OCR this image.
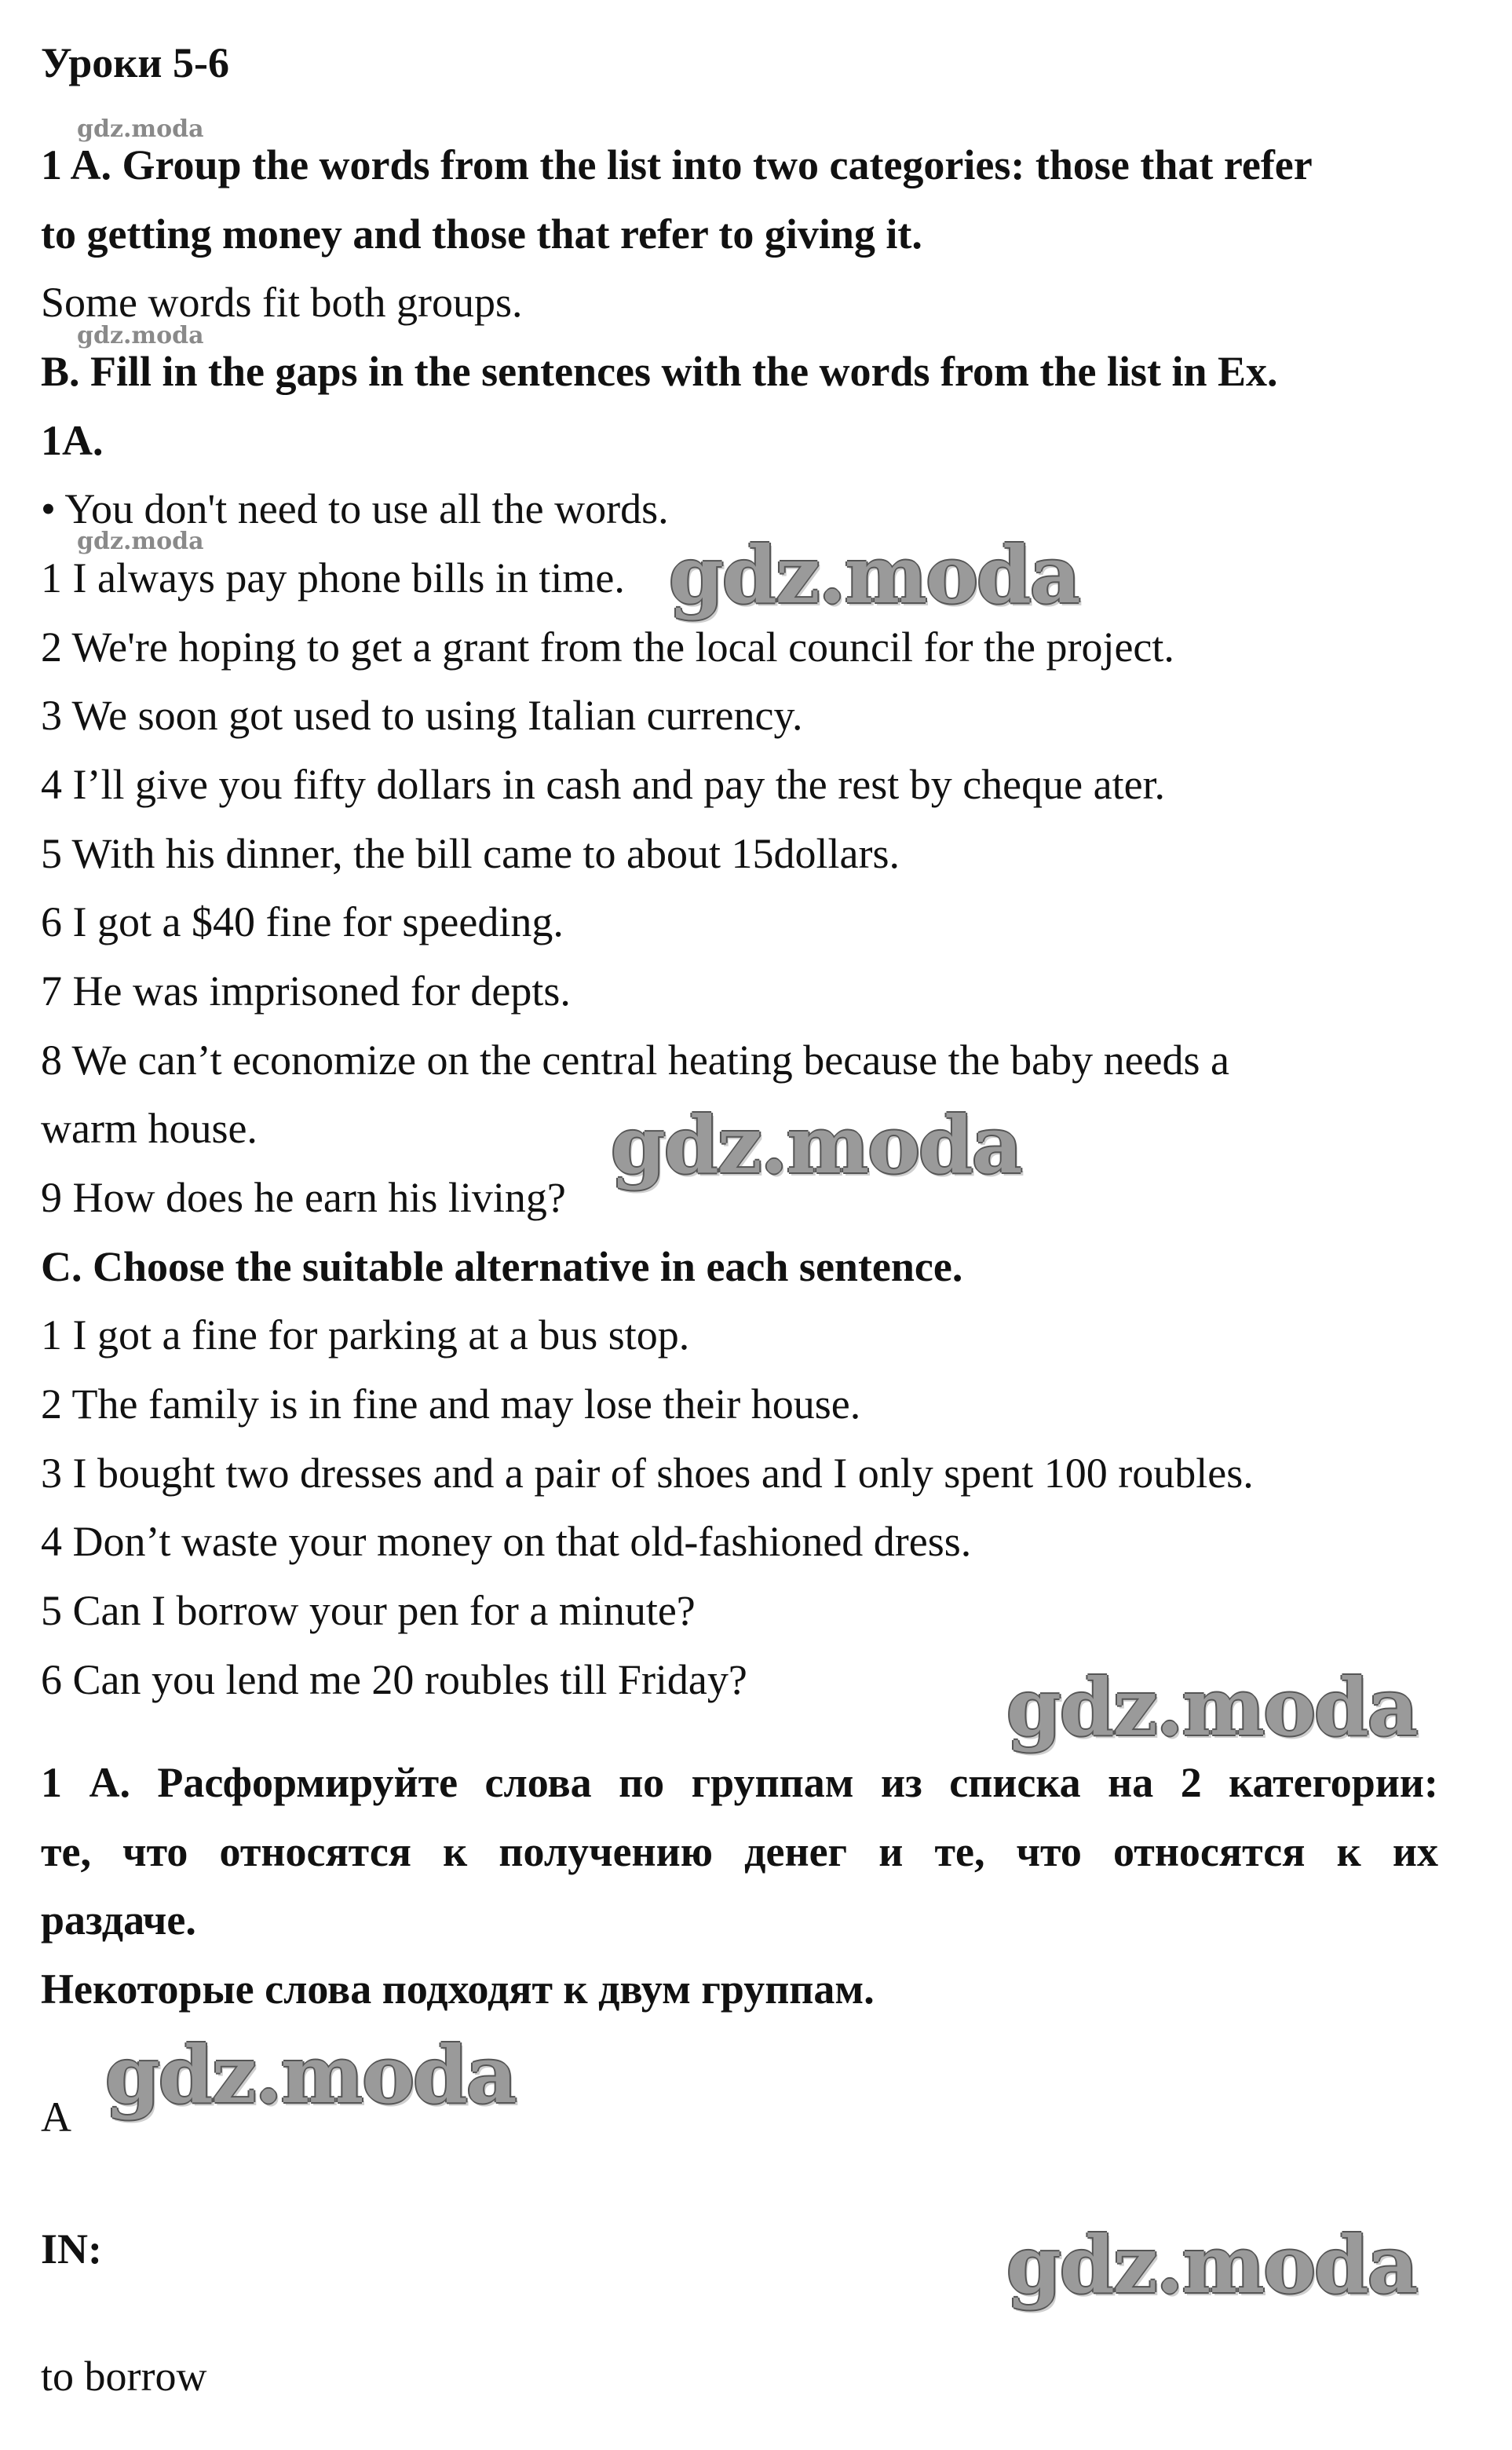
Уроки 5-6
gdz.moda
gdz.moda
gdz.moda
1 A. Group the words from the list into two categories: those that refer
to getting money and those that refer to giving it.
Some words fit both groups.
B. Fill in the gaps in the sentences with the words from the list in Ex.
1A.
• You don't need to use all the words.
1 I always pay phone bills in time.
2 We're hoping to get a grant from the local council for the project.
3 We soon got used to using Italian currency.
4 I’ll give you fifty dollars in cash and pay the rest by cheque ater.
5 With his dinner, the bill came to about 15dollars.
6 I got a $40 fine for speeding.
7 He was imprisoned for depts.
8 We can’t economize on the central heating because the baby needs a
warm house.
9 How does he earn his living?
C. Choose the suitable alternative in each sentence.
1 I got a fine for parking at a bus stop.
2 The family is in fine and may lose their house.
3 I bought two dresses and a pair of shoes and I only spent 100 roubles.
4 Don’t waste your money on that old-fashioned dress.
5 Can I borrow your pen for a minute?
6 Can you lend me 20 roubles till Friday?
1 А. Расформируйте слова по группам из списка на 2 категории:
те, что относятся к получению денег и те, что относятся к их
раздаче.
Некоторые слова подходят к двум группам.
A
IN:
to borrow
gdz.moda
gdz.moda
gdz.moda
gdz.moda
gdz.moda
